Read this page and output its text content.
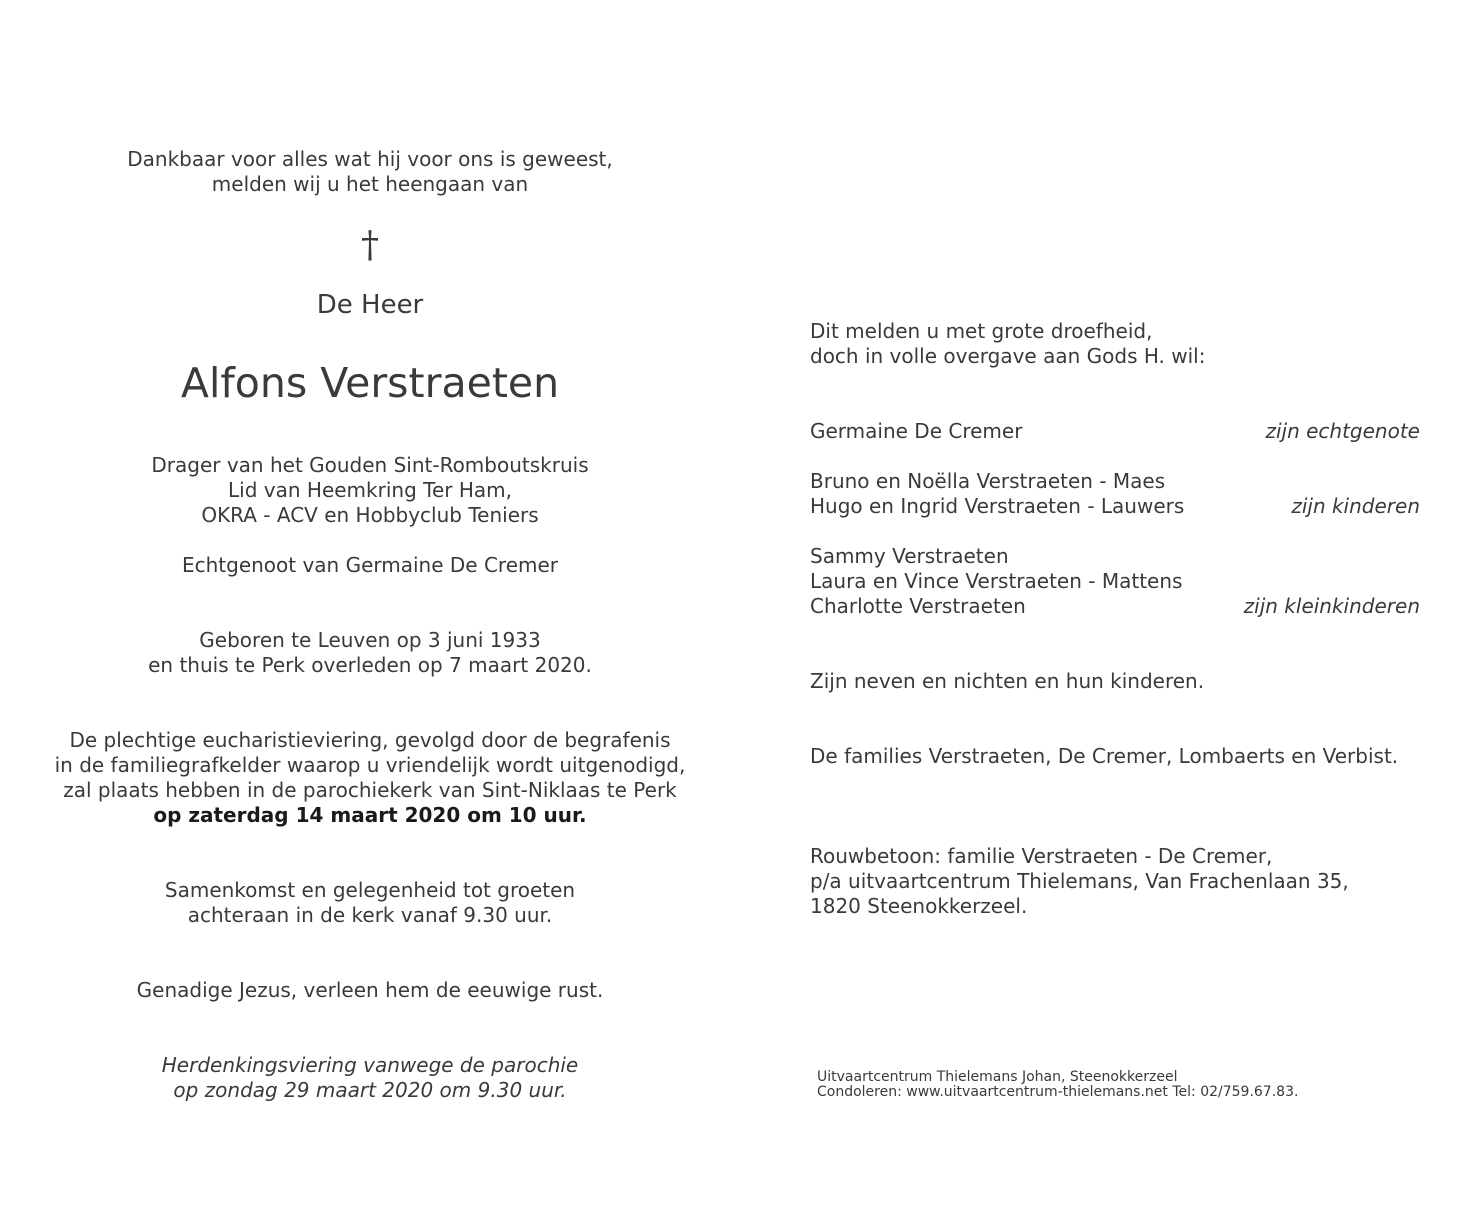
Dankbaar voor alles wat hij voor ons is geweest,
melden wij u het heengaan van
†
De Heer
Alfons Verstraeten
Drager van het Gouden Sint-Romboutskruis
Lid van Heemkring Ter Ham,
OKRA - ACV en Hobbyclub Teniers
Echtgenoot van Germaine De Cremer
Geboren te Leuven op 3 juni 1933
en thuis te Perk overleden op 7 maart 2020.
De plechtige eucharistieviering, gevolgd door de begrafenis
in de familiegrafkelder waarop u vriendelijk wordt uitgenodigd,
zal plaats hebben in de parochiekerk van Sint-Niklaas te Perk
op zaterdag 14 maart 2020 om 10 uur.
Samenkomst en gelegenheid tot groeten
achteraan in de kerk vanaf 9.30 uur.
Genadige Jezus, verleen hem de eeuwige rust.
Herdenkingsviering vanwege de parochie
op zondag 29 maart 2020 om 9.30 uur.
Dit melden u met grote droefheid,
doch in volle overgave aan Gods H. wil:
Germaine De Cremer	zijn echtgenote
Bruno en Noëlla Verstraeten - Maes
Hugo en Ingrid Verstraeten - Lauwers	zijn kinderen
Sammy Verstraeten
Laura en Vince Verstraeten - Mattens
Charlotte Verstraeten	zijn kleinkinderen
Zijn neven en nichten en hun kinderen.
De families Verstraeten, De Cremer, Lombaerts en Verbist.
Rouwbetoon: familie Verstraeten - De Cremer,
p/a uitvaartcentrum Thielemans, Van Frachenlaan 35,
1820 Steenokkerzeel.
Uitvaartcentrum Thielemans Johan, Steenokkerzeel
Condoleren: www.uitvaartcentrum-thielemans.net Tel: 02/759.67.83.
